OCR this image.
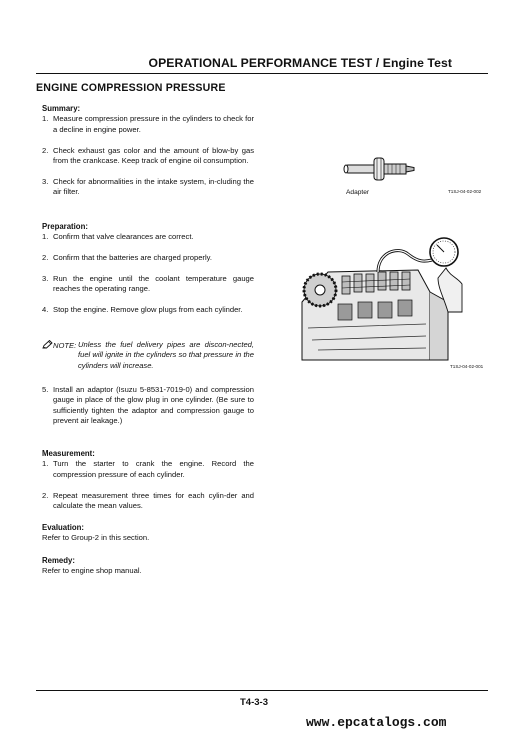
OPERATIONAL PERFORMANCE TEST / Engine Test
ENGINE COMPRESSION PRESSURE
Summary:
1. Measure compression pressure in the cylinders to check for a decline in engine power.
2. Check exhaust gas color and the amount of blow-by gas from the crankcase. Keep track of engine oil consumption.
3. Check for abnormalities in the intake system, in-cluding the air filter.
Preparation:
1. Confirm that valve clearances are correct.
2. Confirm that the batteries are charged properly.
3. Run the engine until the coolant temperature gauge reaches the operating range.
4. Stop the engine. Remove glow plugs from each cylinder.
NOTE: Unless the fuel delivery pipes are discon-nected, fuel will ignite in the cylinders so that pressure in the cylinders will increase.
5. Install an adaptor (Isuzu 5-8531-7019-0) and compression gauge in place of the glow plug in one cylinder. (Be sure to sufficiently tighten the adaptor and compression gauge to prevent air leakage.)
Measurement:
1. Turn the starter to crank the engine. Record the compression pressure of each cylinder.
2. Repeat measurement three times for each cylin-der and calculate the mean values.
Evaluation:
Refer to Group-2 in this section.
Remedy:
Refer to engine shop manual.
Adapter	T1SJ-04-02-002
T1SJ-04-02-001
T4-3-3
www.epcatalogs.com
